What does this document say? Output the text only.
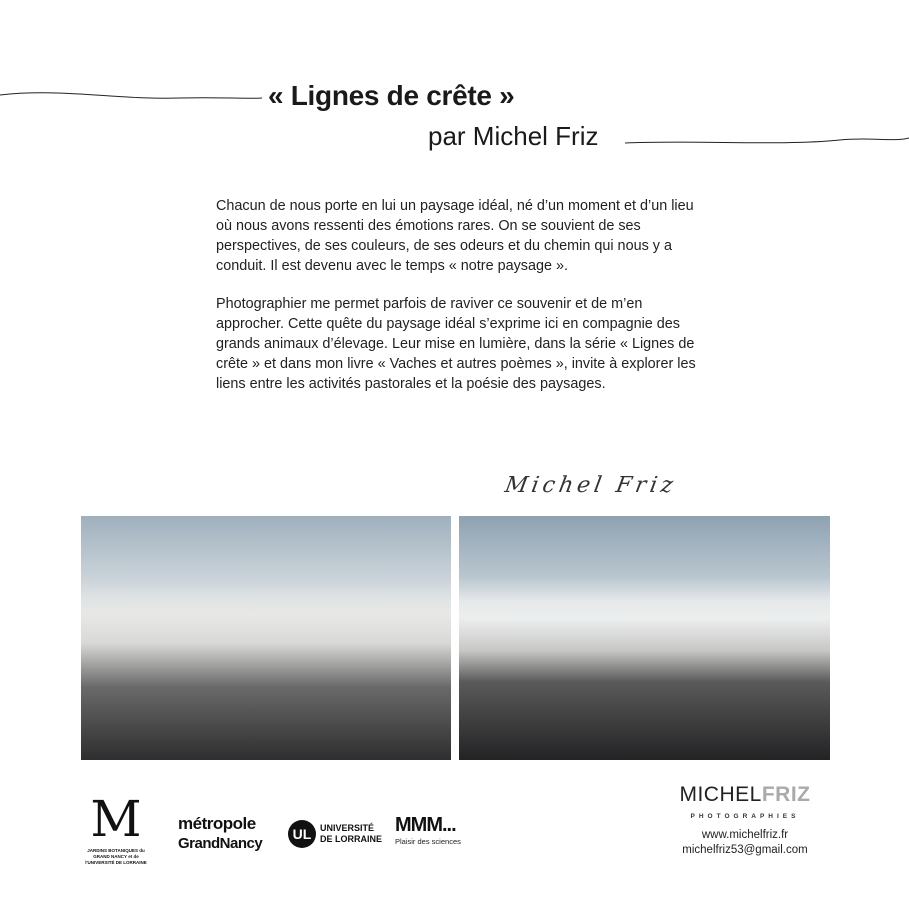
« Lignes de crête »
par Michel Friz

Chacun de nous porte en lui un paysage idéal, né d’un moment et d’un lieu où nous avons ressenti des émotions rares. On se souvient de ses perspectives, de ses couleurs, de ses odeurs et du chemin qui nous y a conduit. Il est devenu avec le temps « notre paysage ».

Photographier me permet parfois de raviver ce souvenir et de m’en approcher. Cette quête du paysage idéal s’exprime ici en compagnie des grands animaux d’élevage. Leur mise en lumière, dans la série « Lignes de crête » et dans mon livre « Vaches et autres poèmes », invite à explorer les liens entre les activités pastorales et la poésie des paysages.

Michel Friz
M
JARDINS BOTANIQUES du GRAND NANCY et de l'UNIVERSITÉ DE LORRAINE
métropole
GrandNancy
UL UNIVERSITÉ
DE LORRAINE
MMM...
Plaisir des sciences
MICHELFRIZ
PHOTOGRAPHIES
www.michelfriz.fr
michelfriz53@gmail.com
